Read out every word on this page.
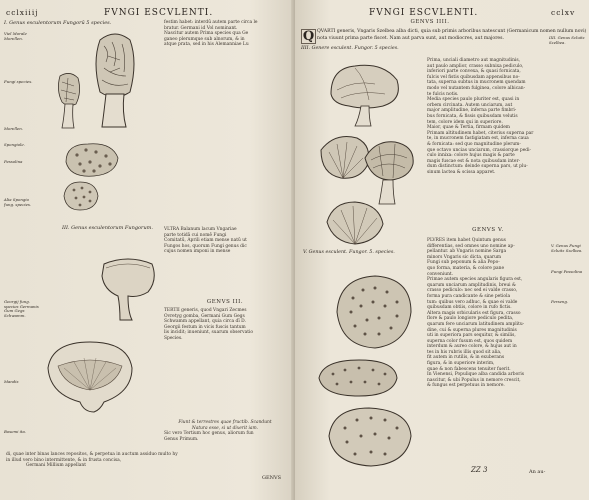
cclxiiij	FVNGI ESCVLENTI.
I. Genus esculentorum Fungorū 5 species.
Viel Morale Morellen.
Fungi species.
Morellen.
Spongiole.
Pessolina
Alia Spongio fung. species.
festim habet: interdū autem parte circa le
bratur. Germani id Vol nominant.
Nascitur autem Prima species qua Ge
ganeo plerumque sub alnorum, & in
atque prata, sed in his Alemanniae Lu
III. Genus esculentorum Fungorum.	VLTRA Balanum lacum Vngariae
parte totidā cui nomē Fungi
Comitatū, Aprili etiam mense natū ut
Fungos hos, quorum Fungi genus dic
cujus nomen imponi in mense
GENVS III.
TERTII generis, quod Vngari Zecmes
Ovretyg gomba, Germani Gum Gegs
Schwamm appellant, quia circa dī D.
Georgii festum in vicis fuscis tantum
lis incidit; inueniunt, suarum observatio
Species.
Fiunt & terrestres quae fructib. Scandunt
Natura esse, si ut dixerit iam.
Sic vero Tertium hoc genus, aliorum fun
Genus Primum.
Georgij fung. species Germanis Gum Gegs Schwamm.
Mandis
Bosemi ita.
di, quae inter binas lances repositos, & perpetua in auctum assiduo multo hy
in illud vero bino intermittente, & in frusta concisa,
Germani Millium appellant
GENVS
FVNGI ESCVLENTI.	cclxv
GENVS IIII.
Q QVARTI generis, Vngaris Szelbea alba dicti, quia sub primis arboribus natescunt (Germanicum nomen nullum novi)
nota viuunt prima parte fiscet. Nam aut parva sunt, aut modiocres, aut majores.
IIII. Genere esculent. Fungor. 5 species.
IIII. Genus Scluitz Szelbea.
Prima, unciali diametro aut magnitudinis,
aut paulo amplior, crasso subnixa pediculo,
inferiori parte convexa, & quasi fornicata,
fulcis vel fistis quibusdam appensibus no-
tata, superna subtus in mucronem quendam
modo vel nutantem fulginea, colore albican-
te fulcis notis.
Media species paulo pluriter est, quasi in
orbem circinata. Autem unciarum, aut
major amplitudine, inferna parte fimbri-
bus fornicata, & fissis quibusdam velutis
tem, colore idem qui in superiore.
Maior, quae & Tertia, firmam quidem
Primam altitudinem habet, citerius superna par
te, in mucronem fastigiatam est, inferna caua
& fornicata: sed quo magnitudine plerum-
que octavo uncias unciarum, crassiorque pedi-
culo innixa: colore hujus magis & parte
magis fuscae est & nota quibusdam inter-
dum distinctum: deinde superna pars, ut plu-
sinum lactea & scissa apparet.
GENVS V.
V. Genus Fungi Scluitz Szelbea.
Fungi Pessolina
Perseng.
PLVRES item habet Quintum genus
differentias, sed omnes uno nomine ap-
pellantur. ab Vngaris nomine Sarga
minors Vngaris sic dicta, quarum
Fungi sub peponum & alia Pepo-
quo forma, materia, & colore pane
conveniunt.
Primae autem species angularis figura est,
quarum unciarum amplitudinis, breui &
crasso pediculo: nec sed ei valde crasso,
forma pura candicante & sine petiola
tum: quibus vero adhuc, & quae ei valde
quibusdam obtiis, colore in rufo fictis.
Altera magis orbicularis est figura, crasso
flore & paulo longiore pediculo pedita,
quarum fere unciarum latitudinem amplitu-
dine, cui & superna plures magnitudinis
uti in superiora pars sequitur, & similis,
superna color fusum est, quos quidem
interdum & aureo colore, & hujus aut in
tes in his rubris illis quod sit alia,
fit autem in rutilis, & in exuberans
figura, & in superiore interim,
quae & non fabescens tenuiter fuerit.
In Vienensi, Populique alba candida arboris
nascitur, & ubi Populus in nemore crescit,
& fungus est perpetuus in nemore.
ZZ 3	An au-
V. Genus esculent. Fungor. 5. species.
